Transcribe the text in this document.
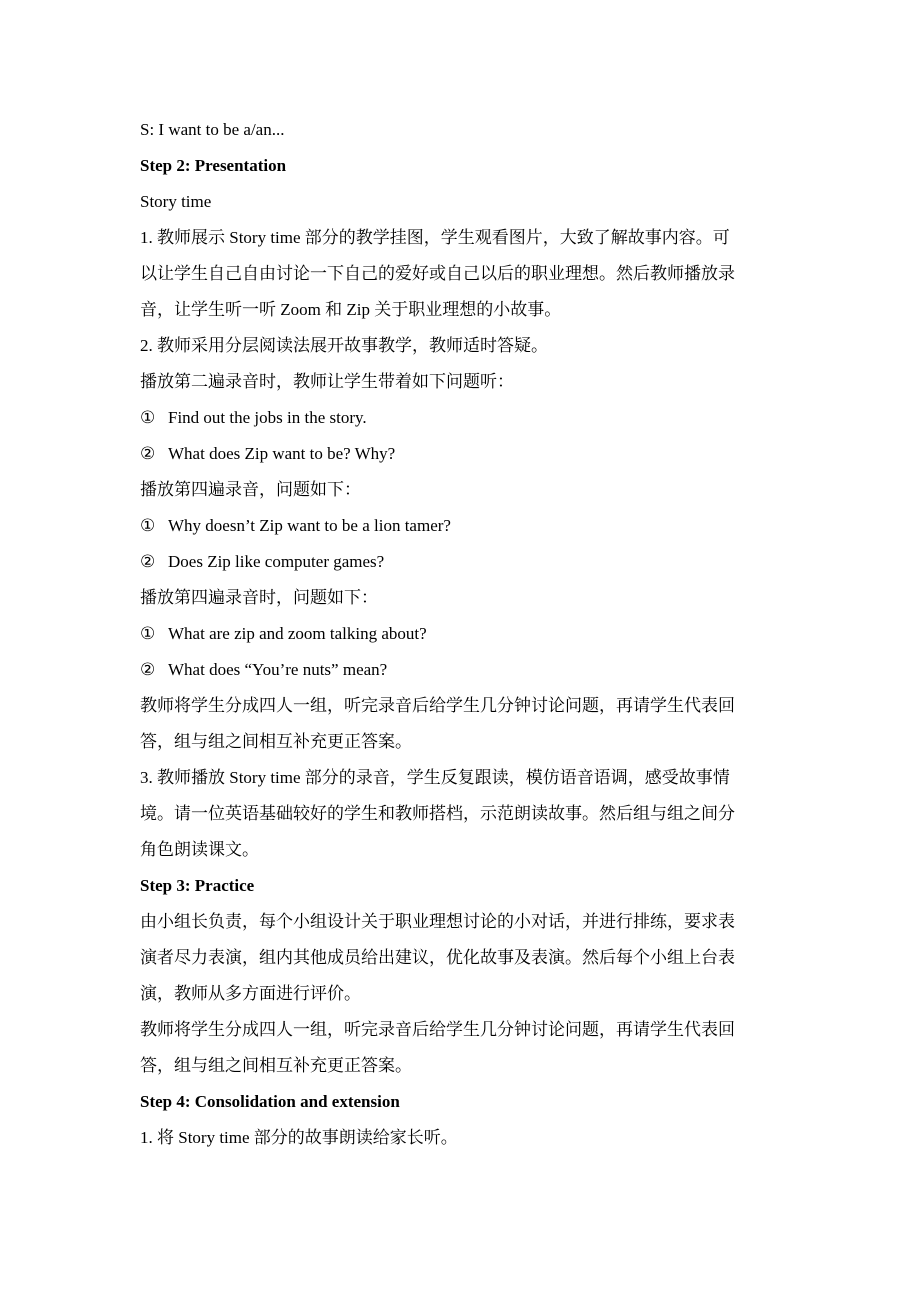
S: I want to be a/an...
Step 2: Presentation
Story time
1. 教师展示 Story time 部分的教学挂图，学生观看图片，大致了解故事内容。可
以让学生自己自由讨论一下自己的爱好或自己以后的职业理想。然后教师播放录
音，让学生听一听 Zoom 和 Zip 关于职业理想的小故事。
2. 教师采用分层阅读法展开故事教学，教师适时答疑。
播放第二遍录音时，教师让学生带着如下问题听：
① Find out the jobs in the story.
② What does Zip want to be? Why?
播放第四遍录音，问题如下：
① Why doesn’t Zip want to be a lion tamer?
② Does Zip like computer games?
播放第四遍录音时，问题如下：
① What are zip and zoom talking about?
② What does “You’re nuts” mean?
教师将学生分成四人一组，听完录音后给学生几分钟讨论问题，再请学生代表回
答，组与组之间相互补充更正答案。
3. 教师播放 Story time 部分的录音，学生反复跟读，模仿语音语调，感受故事情
境。请一位英语基础较好的学生和教师搭档，示范朗读故事。然后组与组之间分
角色朗读课文。
Step 3: Practice
由小组长负责，每个小组设计关于职业理想讨论的小对话，并进行排练，要求表
演者尽力表演，组内其他成员给出建议，优化故事及表演。然后每个小组上台表
演，教师从多方面进行评价。
教师将学生分成四人一组，听完录音后给学生几分钟讨论问题，再请学生代表回
答，组与组之间相互补充更正答案。
Step 4: Consolidation and extension
1. 将 Story time 部分的故事朗读给家长听。
